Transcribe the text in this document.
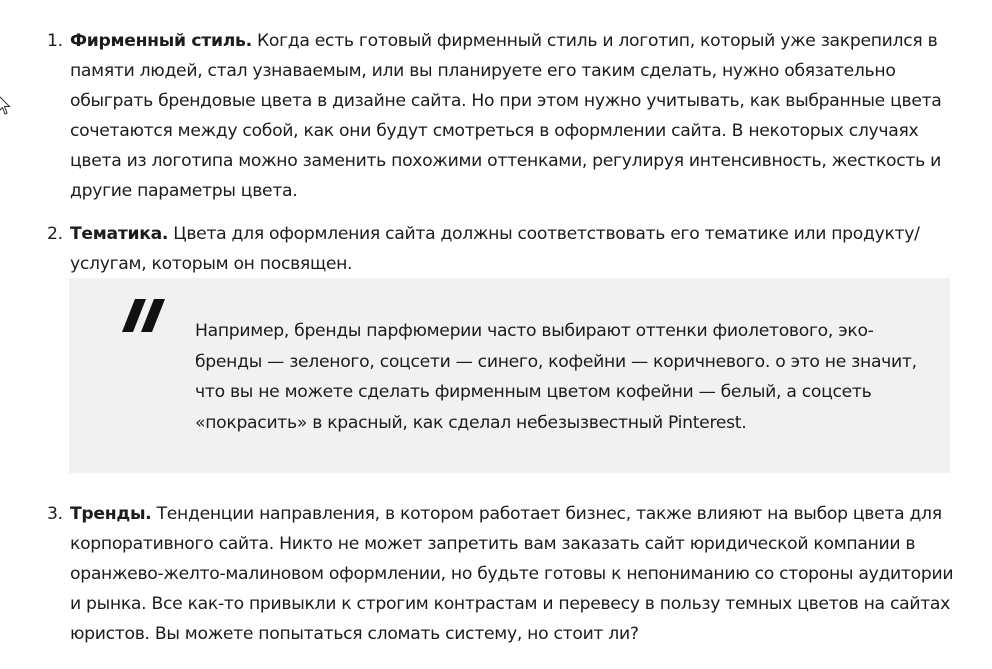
1. Фирменный стиль. Когда есть готовый фирменный стиль и логотип, который уже закрепился в памяти людей, стал узнаваемым, или вы планируете его таким сделать, нужно обязательно обыграть брендовые цвета в дизайне сайта. Но при этом нужно учитывать, как выбранные цвета сочетаются между собой, как они будут смотреться в оформлении сайта. В некоторых случаях цвета из логотипа можно заменить похожими оттенками, регулируя интенсивность, жесткость и другие параметры цвета.
2. Тематика. Цвета для оформления сайта должны соответствовать его тематике или продукту/услугам, которым он посвящен.
Например, бренды парфюмерии часто выбирают оттенки фиолетового, эко-бренды — зеленого, соцсети — синего, кофейни — коричневого. о это не значит, что вы не можете сделать фирменным цветом кофейни — белый, а соцсеть «покрасить» в красный, как сделал небезызвестный Pinterest.
3. Тренды. Тенденции направления, в котором работает бизнес, также влияют на выбор цвета для корпоративного сайта. Никто не может запретить вам заказать сайт юридической компании в оранжево-желто-малиновом оформлении, но будьте готовы к непониманию со стороны аудитории и рынка. Все как-то привыкли к строгим контрастам и перевесу в пользу темных цветов на сайтах юристов. Вы можете попытаться сломать систему, но стоит ли?
